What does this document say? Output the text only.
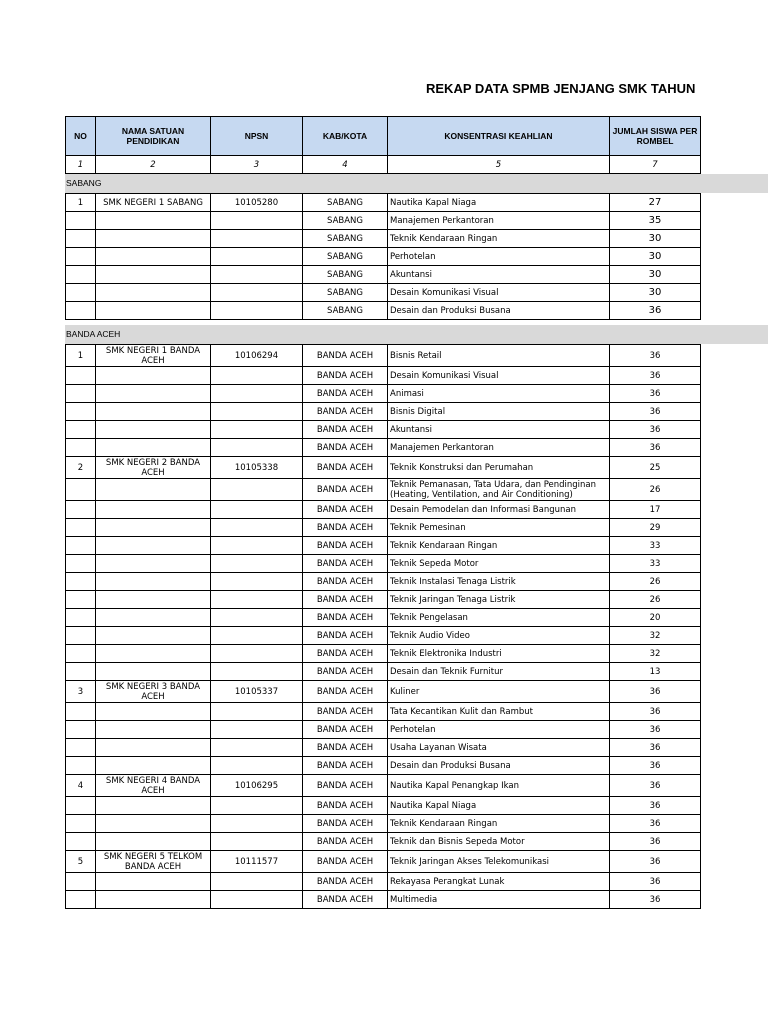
REKAP DATA SPMB JENJANG SMK TAHUN
NO	NAMA SATUAN PENDIDIKAN	NPSN	KAB/KOTA	KONSENTRASI KEAHLIAN	JUMLAH SISWA PER ROMBEL
1	2	3	4	5	7
SABANG
1	SMK NEGERI 1 SABANG	10105280	SABANG	Nautika Kapal Niaga	27
			SABANG	Manajemen Perkantoran	35
			SABANG	Teknik Kendaraan Ringan	30
			SABANG	Perhotelan	30
			SABANG	Akuntansi	30
			SABANG	Desain Komunikasi Visual	30
			SABANG	Desain dan Produksi Busana	36
BANDA ACEH
1	SMK NEGERI 1 BANDA ACEH	10106294	BANDA ACEH	Bisnis Retail	36
			BANDA ACEH	Desain Komunikasi Visual	36
			BANDA ACEH	Animasi	36
			BANDA ACEH	Bisnis Digital	36
			BANDA ACEH	Akuntansi	36
			BANDA ACEH	Manajemen Perkantoran	36
2	SMK NEGERI 2 BANDA ACEH	10105338	BANDA ACEH	Teknik Konstruksi dan Perumahan	25
			BANDA ACEH	Teknik Pemanasan, Tata Udara, dan Pendinginan (Heating, Ventilation, and Air Conditioning)	26
			BANDA ACEH	Desain Pemodelan dan Informasi Bangunan	17
			BANDA ACEH	Teknik Pemesinan	29
			BANDA ACEH	Teknik Kendaraan Ringan	33
			BANDA ACEH	Teknik Sepeda Motor	33
			BANDA ACEH	Teknik Instalasi Tenaga Listrik	26
			BANDA ACEH	Teknik Jaringan Tenaga Listrik	26
			BANDA ACEH	Teknik Pengelasan	20
			BANDA ACEH	Teknik Audio Video	32
			BANDA ACEH	Teknik Elektronika Industri	32
			BANDA ACEH	Desain dan Teknik Furnitur	13
3	SMK NEGERI 3 BANDA ACEH	10105337	BANDA ACEH	Kuliner	36
			BANDA ACEH	Tata Kecantikan Kulit dan Rambut	36
			BANDA ACEH	Perhotelan	36
			BANDA ACEH	Usaha Layanan Wisata	36
			BANDA ACEH	Desain dan Produksi Busana	36
4	SMK NEGERI 4 BANDA ACEH	10106295	BANDA ACEH	Nautika Kapal Penangkap Ikan	36
			BANDA ACEH	Nautika Kapal Niaga	36
			BANDA ACEH	Teknik Kendaraan Ringan	36
			BANDA ACEH	Teknik dan Bisnis Sepeda Motor	36
5	SMK NEGERI 5 TELKOM BANDA ACEH	10111577	BANDA ACEH	Teknik Jaringan Akses Telekomunikasi	36
			BANDA ACEH	Rekayasa Perangkat Lunak	36
			BANDA ACEH	Multimedia	36
